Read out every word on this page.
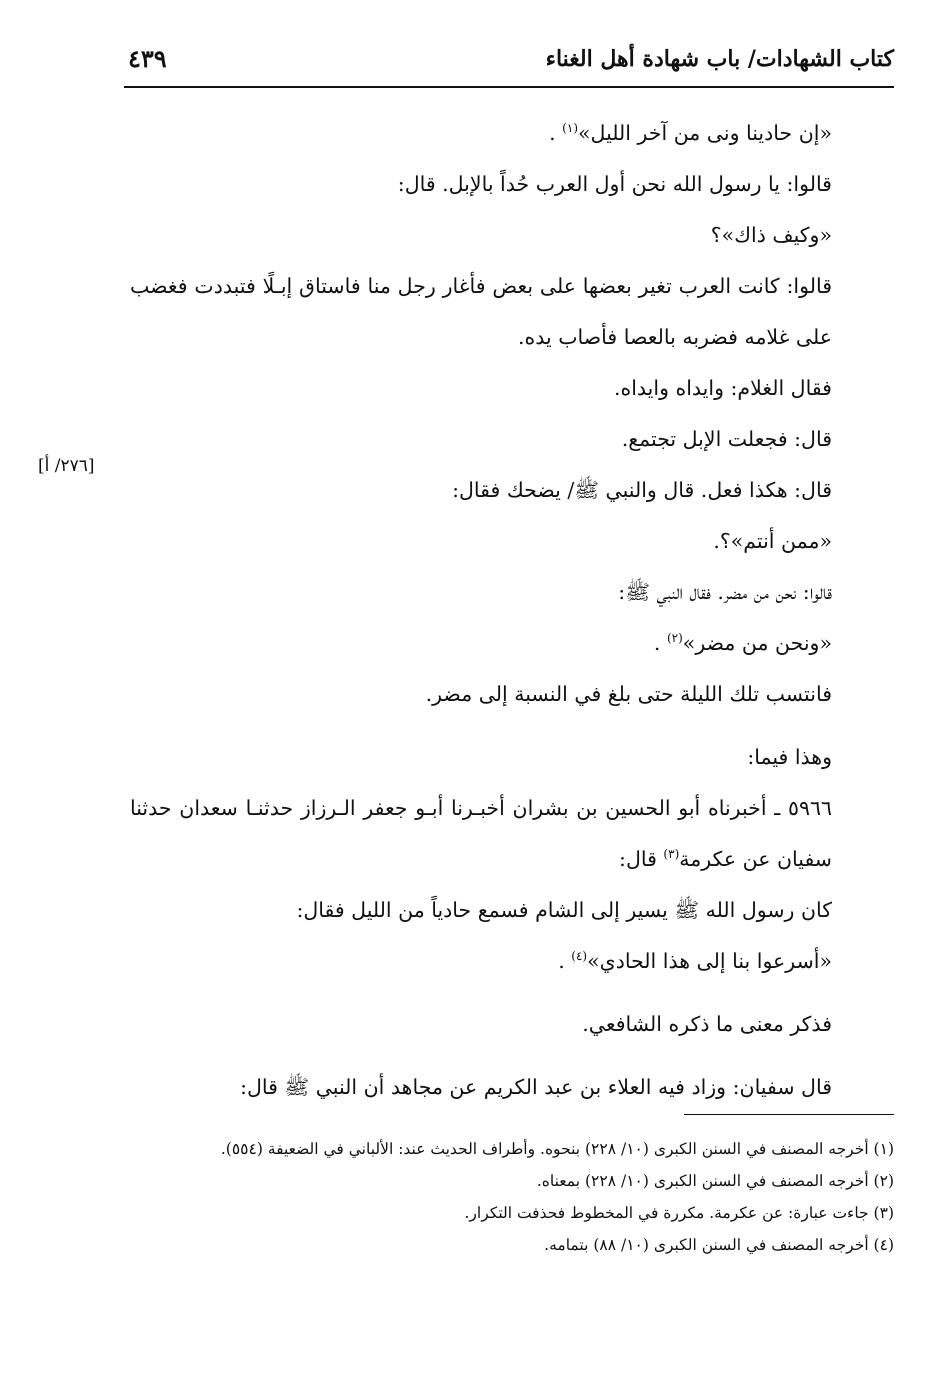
كتاب الشهادات/ باب شهادة أهل الغناء
٤٣٩
[٢٧٦/ أ]

«إن حادينا ونى من آخر الليل»$^{(١)}$ .

قالوا: يا رسول الله نحن أول العرب حُداً بالإبل. قال:

«وكيف ذاك»؟

قالوا: كانت العرب تغير بعضها على بعض فأغار رجل منا فاستاق إبـلًا فتبددت فغضب على غلامه فضربه بالعصا فأصاب يده.

فقال الغلام: وايداه وايداه.

قال: فجعلت الإبل تجتمع.

قال: هكذا فعل. قال والنبي ﷺ/ يضحك فقال:

«ممن أنتم»؟.

قالوا: نحن من مضر. فقال النبي ﷺ:

«ونحن من مضر»$^{(٢)}$ .

فانتسب تلك الليلة حتى بلغ في النسبة إلى مضر.

وهذا فيما:

٥٩٦٦ ـ أخبرناه أبو الحسين بن بشران أخبـرنا أبـو جعفر الـرزاز حدثنـا سعدان حدثنا سفيان عن عكرمة$^{(٣)}$ قال:

كان رسول الله ﷺ يسير إلى الشام فسمع حادياً من الليل فقال:

«أسرعوا بنا إلى هذا الحادي»$^{(٤)}$ .

فذكر معنى ما ذكره الشافعي.

قال سفيان: وزاد فيه العلاء بن عبد الكريم عن مجاهد أن النبي ﷺ قال:

(١) أخرجه المصنف في السنن الكبرى (١٠/ ٢٢٨) بنحوه. وأطراف الحديث عند: الألباني في الضعيفة (٥٥٤).

(٢) أخرجه المصنف في السنن الكبرى (١٠/ ٢٢٨) بمعناه.

(٣) جاءت عبارة: عن عكرمة. مكررة في المخطوط فحذفت التكرار.

(٤) أخرجه المصنف في السنن الكبرى (١٠/ ٨٨) بتمامه.
